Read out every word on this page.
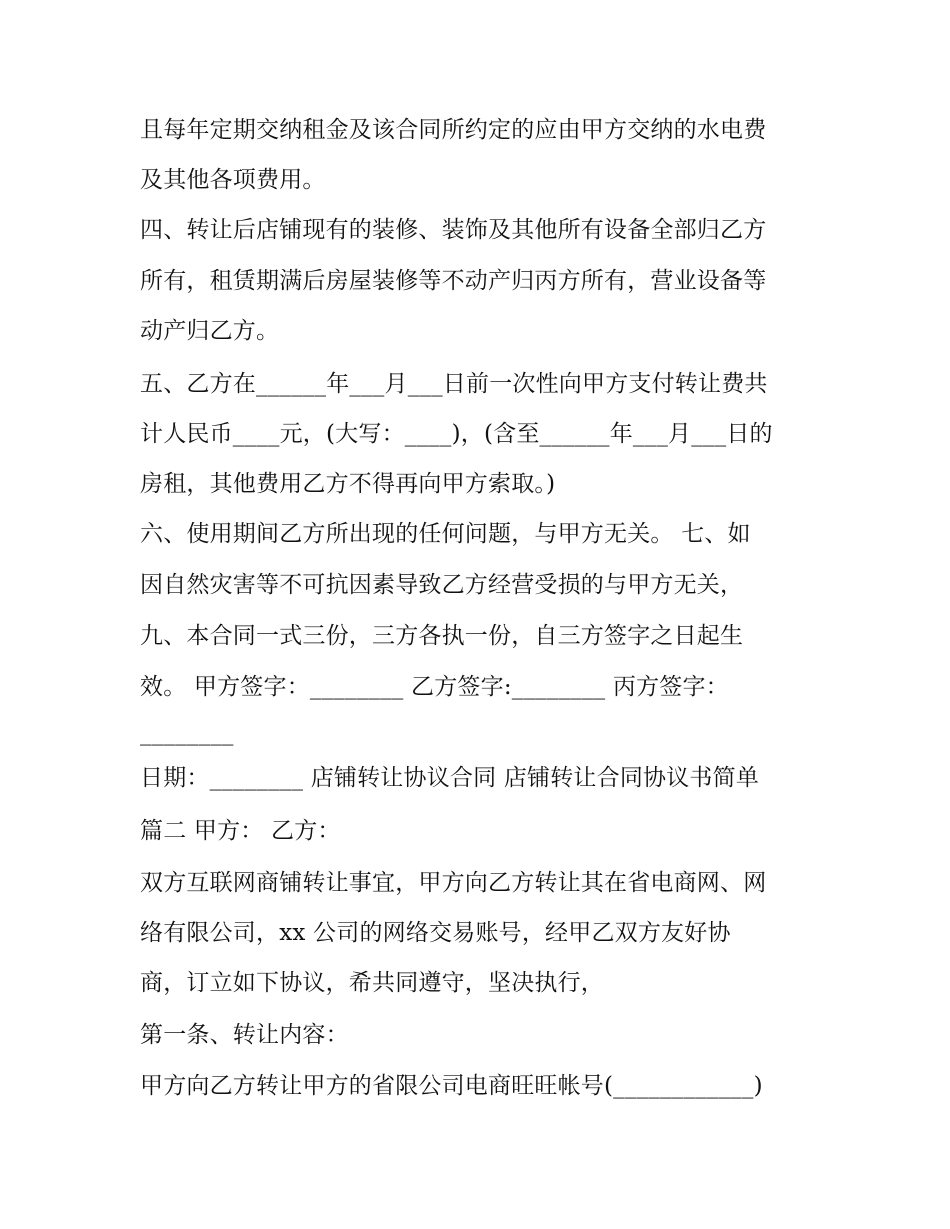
且每年定期交纳租金及该合同所约定的应由甲方交纳的水电费
及其他各项费用。
四、转让后店铺现有的装修、装饰及其他所有设备全部归乙方
所有，租赁期满后房屋装修等不动产归丙方所有，营业设备等
动产归乙方。
五、乙方在______年___月___日前一次性向甲方支付转让费共
计人民币____元，(大写：____)，(含至______年___月___日的
房租，其他费用乙方不得再向甲方索取。)
六、使用期间乙方所出现的任何问题，与甲方无关。 七、如
因自然灾害等不可抗因素导致乙方经营受损的与甲方无关，
九、本合同一式三份，三方各执一份，自三方签字之日起生
效。 甲方签字：________ 乙方签字:________ 丙方签字：
________
日期：________ 店铺转让协议合同 店铺转让合同协议书简单
篇二 甲方： 乙方：
双方互联网商铺转让事宜，甲方向乙方转让其在省电商网、网
络有限公司，xx 公司的网络交易账号，经甲乙双方友好协
商，订立如下协议，希共同遵守，坚决执行，
第一条、转让内容：
甲方向乙方转让甲方的省限公司电商旺旺帐号(____________)
